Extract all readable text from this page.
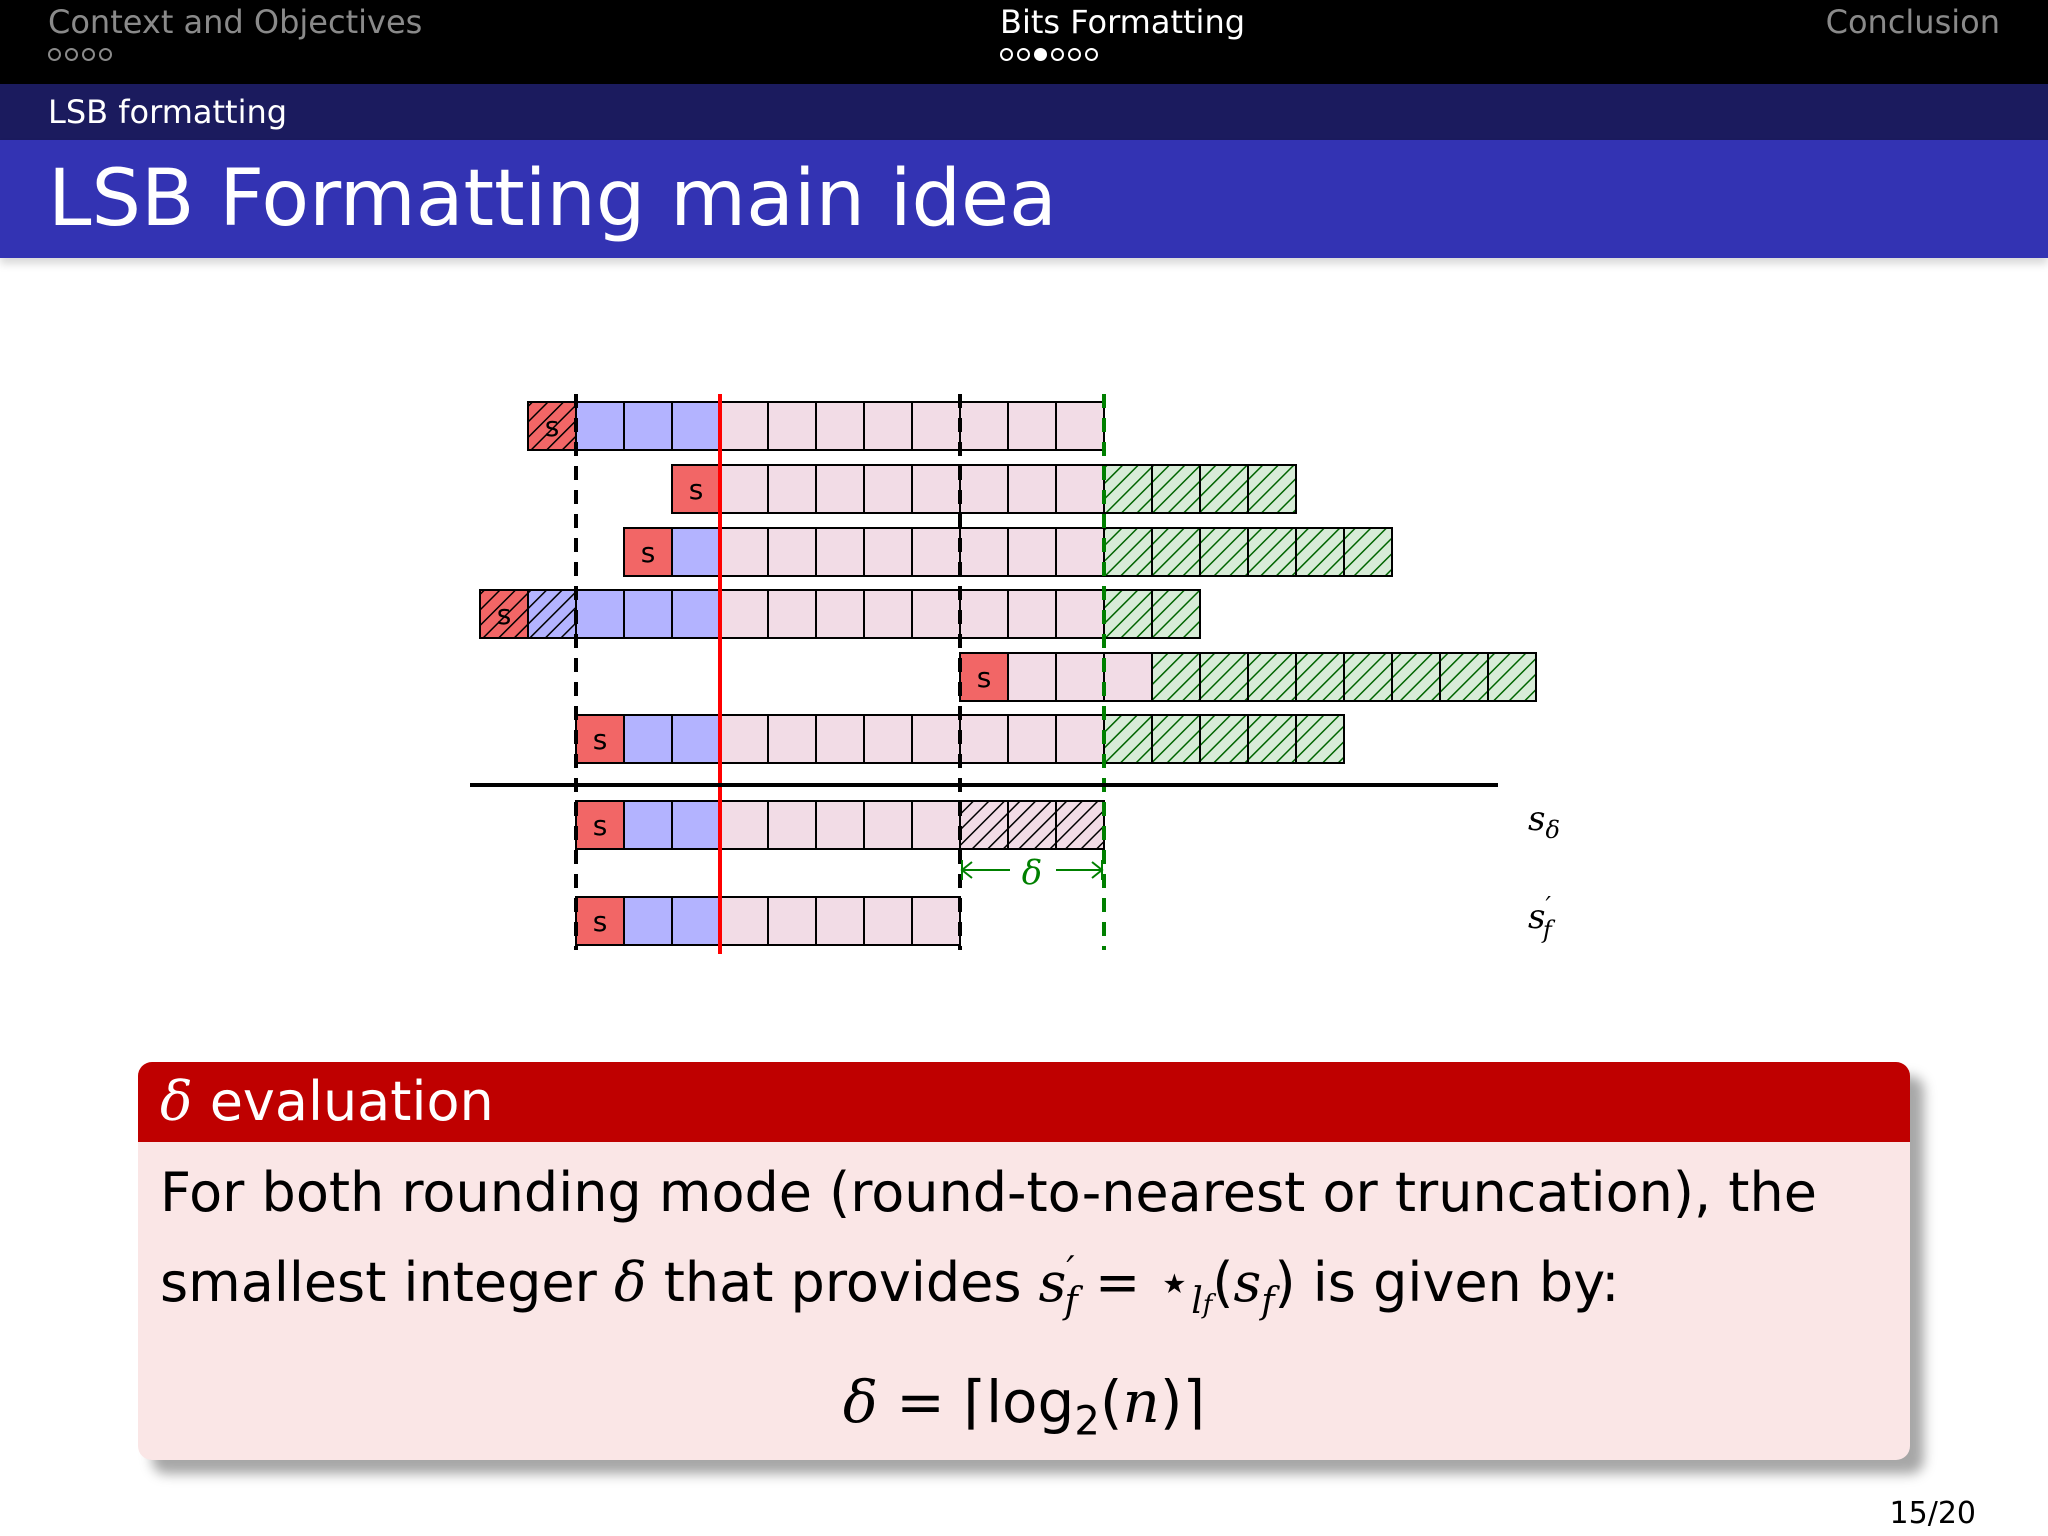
Context and Objectives	Bits Formatting	Conclusion
LSB formatting
LSB Formatting main idea
s
s
s
s
s
s
s
s
$s_\delta$
s′ f
δ
δ evaluation
For both rounding mode (round-to-nearest or truncation), the
smallest integer δ that provides $s'_f$ = $⋆_{lf}(s_f)$ is given by:
$\delta = ⌈\log_2(n)⌉$
15/20
